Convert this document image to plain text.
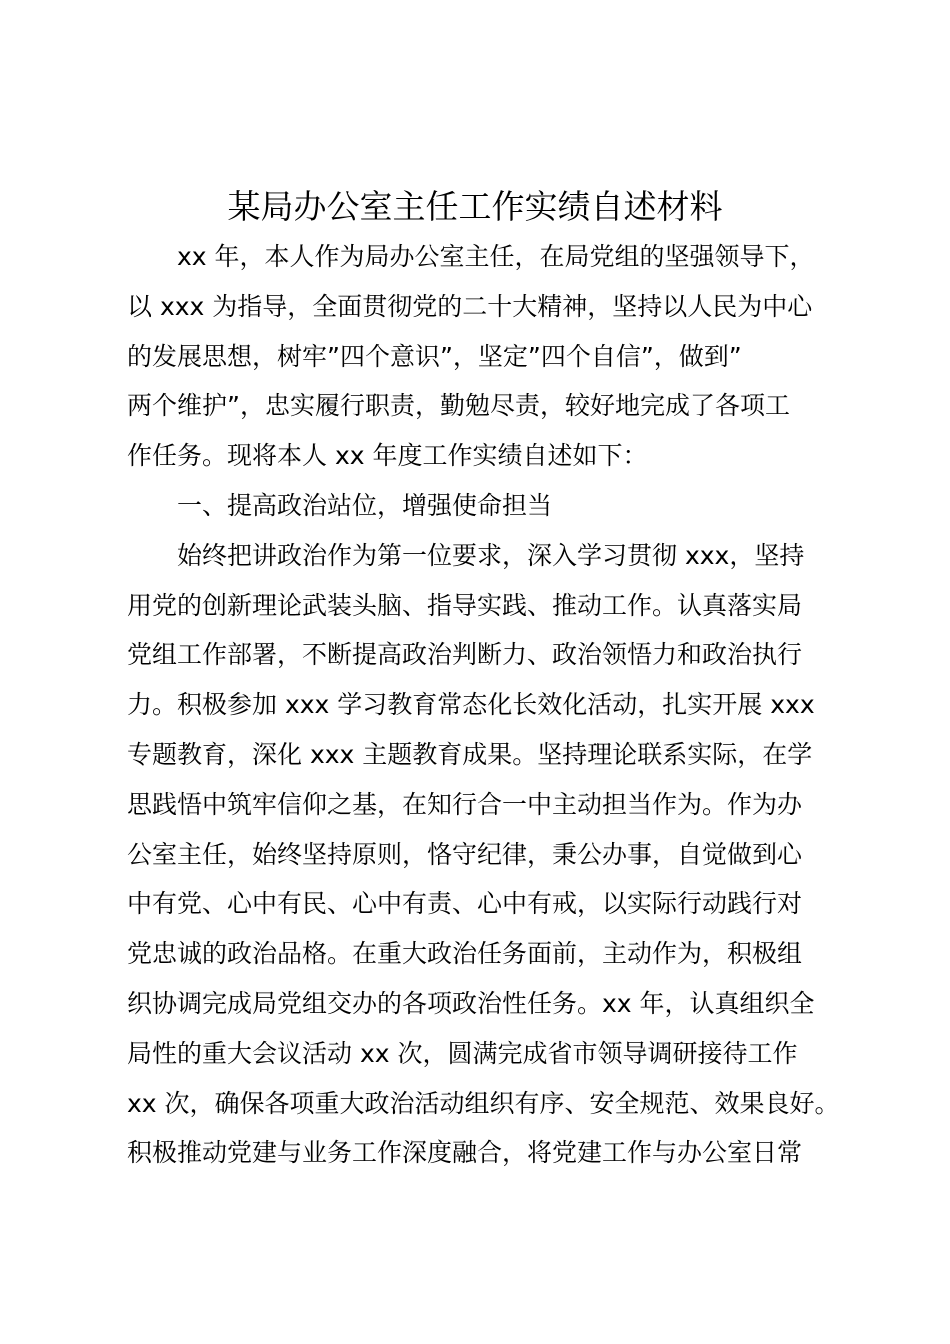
某局办公室主任工作实绩自述材料

xx 年，本人作为局办公室主任，在局党组的坚强领导下，
以 xxx 为指导，全面贯彻党的二十大精神，坚持以人民为中心
的发展思想，树牢”四个意识”，坚定”四个自信”，做到”
两个维护”，忠实履行职责，勤勉尽责，较好地完成了各项工
作任务。现将本人 xx 年度工作实绩自述如下：

一、提高政治站位，增强使命担当

始终把讲政治作为第一位要求，深入学习贯彻 xxx，坚持
用党的创新理论武装头脑、指导实践、推动工作。认真落实局
党组工作部署，不断提高政治判断力、政治领悟力和政治执行
力。积极参加 xxx 学习教育常态化长效化活动，扎实开展 xxx
专题教育，深化 xxx 主题教育成果。坚持理论联系实际，在学
思践悟中筑牢信仰之基，在知行合一中主动担当作为。作为办
公室主任，始终坚持原则，恪守纪律，秉公办事，自觉做到心
中有党、心中有民、心中有责、心中有戒，以实际行动践行对
党忠诚的政治品格。在重大政治任务面前，主动作为，积极组
织协调完成局党组交办的各项政治性任务。xx 年，认真组织全
局性的重大会议活动 xx 次，圆满完成省市领导调研接待工作
xx 次，确保各项重大政治活动组织有序、安全规范、效果良好。
积极推动党建与业务工作深度融合，将党建工作与办公室日常
